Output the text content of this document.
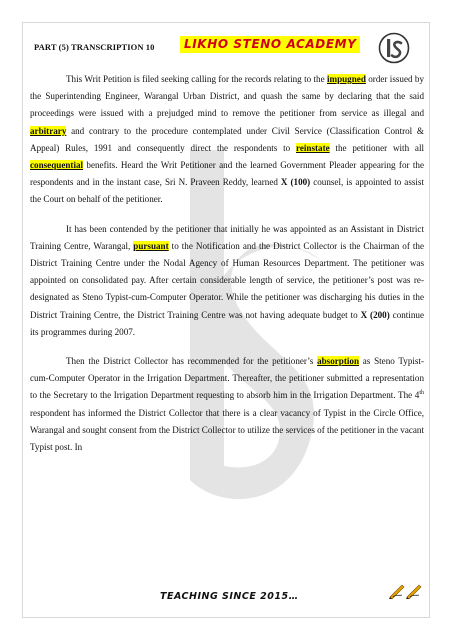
PART (5) TRANSCRIPTION 10	LIKHO STENO ACADEMY

This Writ Petition is filed seeking calling for the records relating to the impugned order issued by the Superintending Engineer, Warangal Urban District, and quash the same by declaring that the said proceedings were issued with a prejudged mind to remove the petitioner from service as illegal and arbitrary and contrary to the procedure contemplated under Civil Service (Classification Control & Appeal) Rules, 1991 and consequently direct the respondents to reinstate the petitioner with all consequential benefits. Heard the Writ Petitioner and the learned Government Pleader appearing for the respondents and in the instant case, Sri N. Praveen Reddy, learned X (100) counsel, is appointed to assist the Court on behalf of the petitioner.

It has been contended by the petitioner that initially he was appointed as an Assistant in District Training Centre, Warangal, pursuant to the Notification and the District Collector is the Chairman of the District Training Centre under the Nodal Agency of Human Resources Department. The petitioner was appointed on consolidated pay. After certain considerable length of service, the petitioner’s post was re-designated as Steno Typist-cum-Computer Operator. While the petitioner was discharging his duties in the District Training Centre, the District Training Centre was not having adequate budget to X (200) continue its programmes during 2007.

Then the District Collector has recommended for the petitioner’s absorption as Steno Typist-cum-Computer Operator in the Irrigation Department. Thereafter, the petitioner submitted a representation to the Secretary to the Irrigation Department requesting to absorb him in the Irrigation Department. The 4th respondent has informed the District Collector that there is a clear vacancy of Typist in the Circle Office, Warangal and sought consent from the District Collector to utilize the services of the petitioner in the vacant Typist post. In

TEACHING SINCE 2015…
